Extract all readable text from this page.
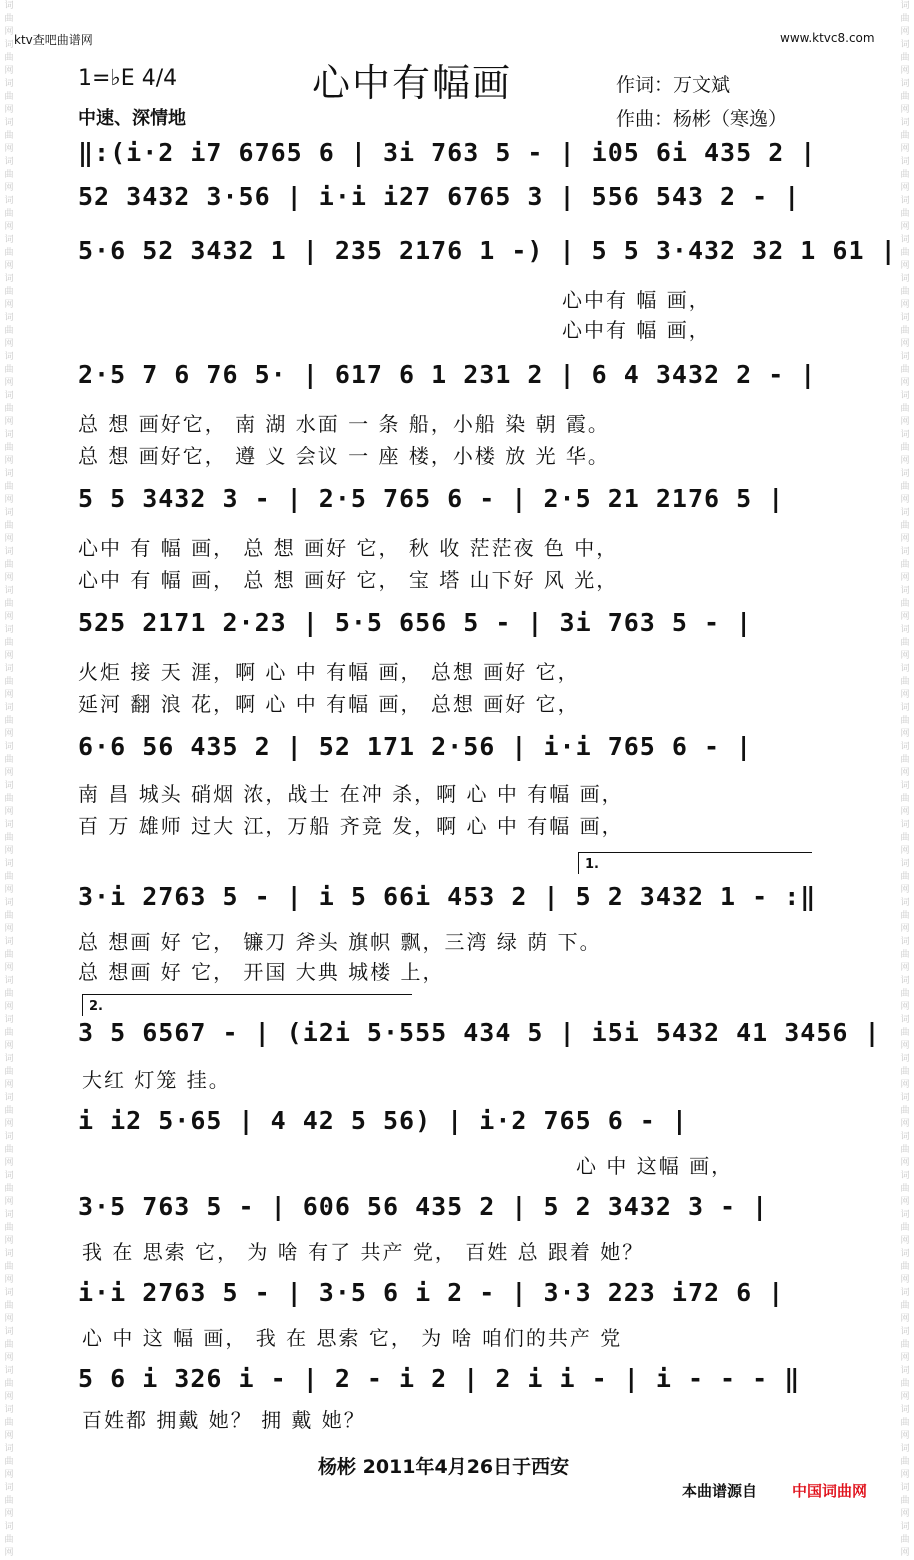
词
曲
网
词
曲
网
词
曲
网
词
曲
网
词
曲
网
词
曲
网
词
曲
网
词
曲
网
词
曲
网
词
曲
网
词
曲
网
词
曲
网
词
曲
网
词
曲
网
词
曲
网
词
曲
网
词
曲
网
词
曲
网
词
曲
网
词
曲
网
词
曲
网
词
曲
网
词
曲
网
词
曲
网
词
曲
网
词
曲
网
词
曲
网
词
曲
网
词
曲
网
词
曲
网
词
曲
网
词
曲
网
词
曲
网
词
曲
网
词
曲
网
词
曲
网
词
曲
网
词
曲
网
词
曲
网
词
曲
网
词
曲
网
词
曲
网
词
曲
网
词
曲
网
词
曲
网
词
曲
网
词
曲
网
词
曲
网
词
曲
网
词
曲
网
词
曲
网
词
曲
网
词
曲
网
词
曲
网
词
曲
网
词
曲
网
词
曲
网
词
曲
网
词
曲
网
词
曲
网
词
曲
网
词
曲
网
词
曲
网
词
曲
网
词
曲
网
词
曲
网
词
曲
网
词
曲
网
词
曲
网
词
曲
网
词
曲
网
词
曲
网
词
曲
网
词
曲
网
词
曲
网
词
曲
网
词
曲
网
词
曲
网
词
曲
网
词
曲
网
ktv查吧曲谱网	www.ktvc8.com
心中有幅画
1=♭E 4/4
中速、深情地
作词：万文斌
作曲：杨彬（寒逸）
‖:(i·2 i7 6765 6 | 3i 763 5 - | i05 6i 435 2 |
52 3432 3·56 | i·i i27 6765 3 | 556 543 2 - |
5·6 52 3432 1 | 235 2176 1 -) | 5 5 3·432 32 1 61 |
心中有 幅 画，
心中有 幅 画，
2·5 7 6 76 5· | 617 6 1 231 2 | 6 4 3432 2 - |
总 想 画好它， 南 湖 水面 一 条 船，小船 染 朝 霞。
总 想 画好它， 遵 义 会议 一 座 楼，小楼 放 光 华。
5 5 3432 3 - | 2·5 765 6 - | 2·5 21 2176 5 |
心中 有 幅 画， 总 想 画好 它， 秋 收 茫茫夜 色 中，
心中 有 幅 画， 总 想 画好 它， 宝 塔 山下好 风 光，
525 2171 2·23 | 5·5 656 5 - | 3i 763 5 - |
火炬 接 天 涯，啊 心 中 有幅 画， 总想 画好 它，
延河 翻 浪 花，啊 心 中 有幅 画， 总想 画好 它，
6·6 56 435 2 | 52 171 2·56 | i·i 765 6 - |
南 昌 城头 硝烟 浓，战士 在冲 杀，啊 心 中 有幅 画，
百 万 雄师 过大 江，万船 齐竞 发，啊 心 中 有幅 画，
1.
3·i 2763 5 - | i 5 66i 453 2 | 5 2 3432 1 - :‖
总 想画 好 它， 镰刀 斧头 旗帜 飘，三湾 绿 荫 下。
总 想画 好 它， 开国 大典 城楼 上，
2.
3 5 6567 - | (i2i 5·555 434 5 | i5i 5432 41 3456 |
大红 灯笼 挂。
i i2 5·65 | 4 42 5 56) | i·2 765 6 - |
心 中 这幅 画，
3·5 763 5 - | 606 56 435 2 | 5 2 3432 3 - |
我 在 思索 它， 为 啥 有了 共产 党， 百姓 总 跟着 她？
i·i 2763 5 - | 3·5 6 i 2 - | 3·3 223 i72 6 |
心 中 这 幅 画， 我 在 思索 它， 为 啥 咱们的共产 党
5 6 i 326 i - | 2 - i 2 | 2 i i - | i - - - ‖
百姓都 拥戴 她？ 拥 戴 她？
杨彬 2011年4月26日于西安
本曲谱源自 中国词曲网
